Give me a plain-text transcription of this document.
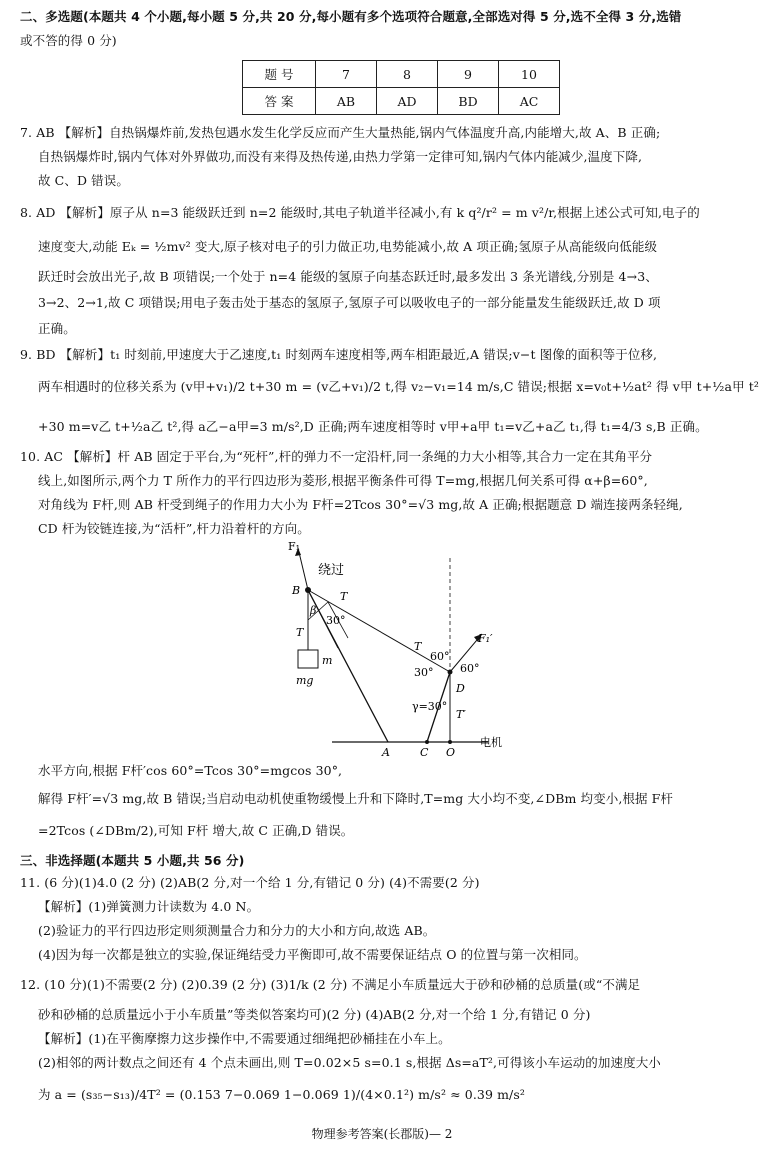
二、多选题(本题共 4 个小题,每小题 5 分,共 20 分,每小题有多个选项符合题意,全部选对得 5 分,选不全得 3 分,选错
或不答的得 0 分)
题 号	7	8	9	10
答 案	AB	AD	BD	AC
7. AB 【解析】自热锅爆炸前,发热包遇水发生化学反应而产生大量热能,锅内气体温度升高,内能增大,故 A、B 正确;
自热锅爆炸时,锅内气体对外界做功,而没有来得及热传递,由热力学第一定律可知,锅内气体内能减少,温度下降,
故 C、D 错误。
8. AD 【解析】原子从 n=3 能级跃迁到 n=2 能级时,其电子轨道半径减小,有 k q²/r² = m v²/r,根据上述公式可知,电子的
速度变大,动能 Eₖ = ½mv² 变大,原子核对电子的引力做正功,电势能减小,故 A 项正确;氢原子从高能级向低能级
跃迁时会放出光子,故 B 项错误;一个处于 n=4 能级的氢原子向基态跃迁时,最多发出 3 条光谱线,分别是 4→3、
3→2、2→1,故 C 项错误;用电子轰击处于基态的氢原子,氢原子可以吸收电子的一部分能量发生能级跃迁,故 D 项
正确。
9. BD 【解析】t₁ 时刻前,甲速度大于乙速度,t₁ 时刻两车速度相等,两车相距最近,A 错误;v−t 图像的面积等于位移,
两车相遇时的位移关系为 (v甲+v₁)/2 t+30 m = (v乙+v₁)/2 t,得 v₂−v₁=14 m/s,C 错误;根据 x=v₀t+½at² 得 v甲 t+½a甲 t²
+30 m=v乙 t+½a乙 t²,得 a乙−a甲=3 m/s²,D 正确;两车速度相等时 v甲+a甲 t₁=v乙+a乙 t₁,得 t₁=4/3 s,B 正确。
10. AC 【解析】杆 AB 固定于平台,为“死杆”,杆的弹力不一定沿杆,同一条绳的力大小相等,其合力一定在其角平分
线上,如图所示,两个力 T 所作力的平行四边形为菱形,根据平衡条件可得 T=mg,根据几何关系可得 α+β=60°,
对角线为 F杆,则 AB 杆受到绳子的作用力大小为 F杆=2Tcos 30°=√3 mg,故 A 正确;根据题意 D 端连接两条轻绳,
CD 杆为铰链连接,为“活杆”,杆力沿着杆的方向。
F₁
绕过
B	T
β
30°
T
m
mg
T
60°
60°
30°
F₁′
D
γ=30°
T′
A	C O
电机
水平方向,根据 F杆′cos 60°=Tcos 30°=mgcos 30°,
解得 F杆′=√3 mg,故 B 错误;当启动电动机使重物缓慢上升和下降时,T=mg 大小均不变,∠DBm 均变小,根据 F杆
=2Tcos (∠DBm/2),可知 F杆 增大,故 C 正确,D 错误。
三、非选择题(本题共 5 小题,共 56 分)
11. (6 分)(1)4.0 (2 分) (2)AB(2 分,对一个给 1 分,有错记 0 分) (4)不需要(2 分)
【解析】(1)弹簧测力计读数为 4.0 N。
(2)验证力的平行四边形定则须测量合力和分力的大小和方向,故选 AB。
(4)因为每一次都是独立的实验,保证绳结受力平衡即可,故不需要保证结点 O 的位置与第一次相同。
12. (10 分)(1)不需要(2 分) (2)0.39 (2 分) (3)1/k (2 分) 不满足小车质量远大于砂和砂桶的总质量(或“不满足
砂和砂桶的总质量远小于小车质量”等类似答案均可)(2 分) (4)AB(2 分,对一个给 1 分,有错记 0 分)
【解析】(1)在平衡摩擦力这步操作中,不需要通过细绳把砂桶挂在小车上。
(2)相邻的两计数点之间还有 4 个点未画出,则 T=0.02×5 s=0.1 s,根据 Δs=aT²,可得该小车运动的加速度大小
为 a = (s₃₅−s₁₃)/4T² = (0.153 7−0.069 1−0.069 1)/(4×0.1²) m/s² ≈ 0.39 m/s²
物理参考答案(长郡版)— 2
